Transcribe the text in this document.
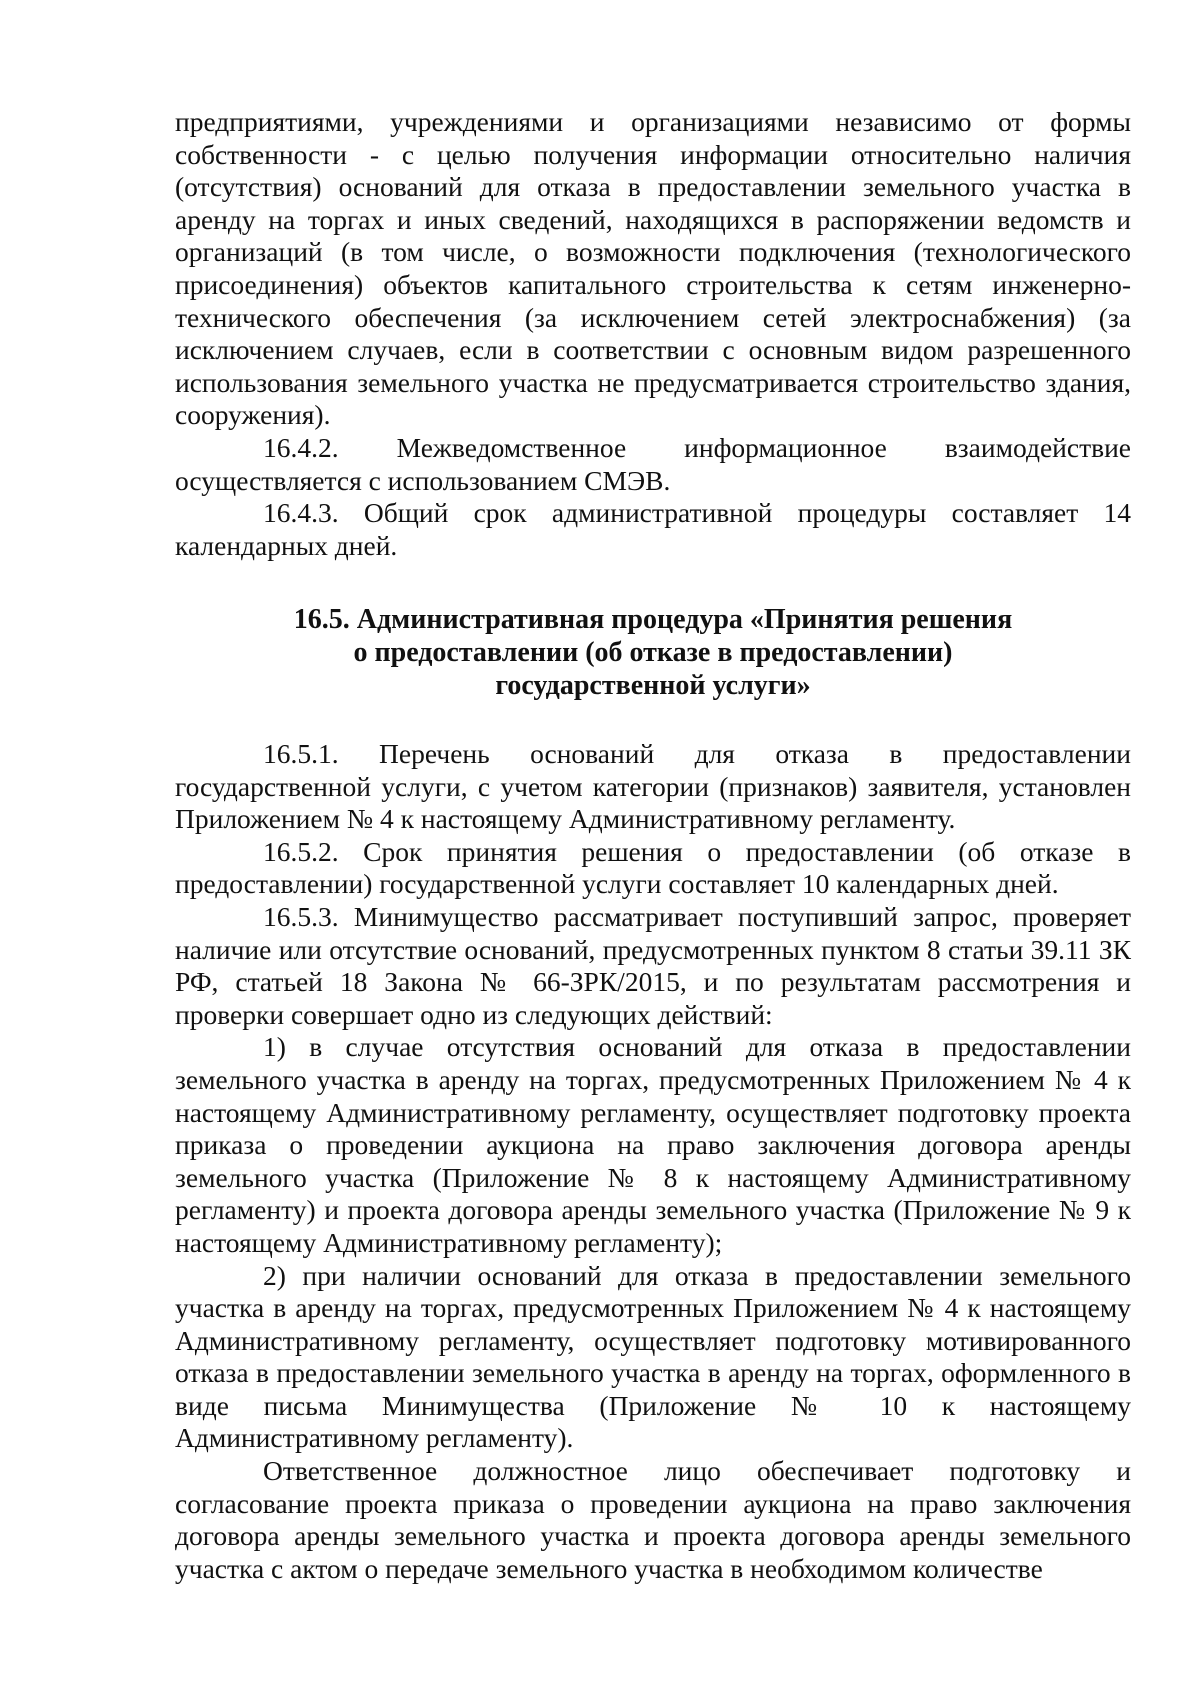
предприятиями, учреждениями и организациями независимо от формы собственности - с целью получения информации относительно наличия (отсутствия) оснований для отказа в предоставлении земельного участка в аренду на торгах и иных сведений, находящихся в распоряжении ведомств и организаций (в том числе, о возможности подключения (технологического присоединения) объектов капитального строительства к сетям инженерно-технического обеспечения (за исключением сетей электроснабжения) (за исключением случаев, если в соответствии с основным видом разрешенного использования земельного участка не предусматривается строительство здания, сооружения).

16.4.2. Межведомственное информационное взаимодействие осуществляется с использованием СМЭВ.

16.4.3. Общий срок административной процедуры составляет 14 календарных дней.

16.5. Административная процедура «Принятия решения
о предоставлении (об отказе в предоставлении)
государственной услуги»

16.5.1. Перечень оснований для отказа в предоставлении государственной услуги, с учетом категории (признаков) заявителя, установлен Приложением № 4 к настоящему Административному регламенту.

16.5.2. Срок принятия решения о предоставлении (об отказе в предоставлении) государственной услуги составляет 10 календарных дней.

16.5.3. Минимущество рассматривает поступивший запрос, проверяет наличие или отсутствие оснований, предусмотренных пунктом 8 статьи 39.11 ЗК РФ, статьей 18 Закона № 66-ЗРК/2015, и по результатам рассмотрения и проверки совершает одно из следующих действий:

1) в случае отсутствия оснований для отказа в предоставлении земельного участка в аренду на торгах, предусмотренных Приложением № 4 к настоящему Административному регламенту, осуществляет подготовку проекта приказа о проведении аукциона на право заключения договора аренды земельного участка (Приложение № 8 к настоящему Административному регламенту) и проекта договора аренды земельного участка (Приложение № 9 к настоящему Административному регламенту);

2) при наличии оснований для отказа в предоставлении земельного участка в аренду на торгах, предусмотренных Приложением № 4 к настоящему Административному регламенту, осуществляет подготовку мотивированного отказа в предоставлении земельного участка в аренду на торгах, оформленного в виде письма Минимущества (Приложение № 10 к настоящему Административному регламенту).

Ответственное должностное лицо обеспечивает подготовку и согласование проекта приказа о проведении аукциона на право заключения договора аренды земельного участка и проекта договора аренды земельного участка с актом о передаче земельного участка в необходимом количестве
